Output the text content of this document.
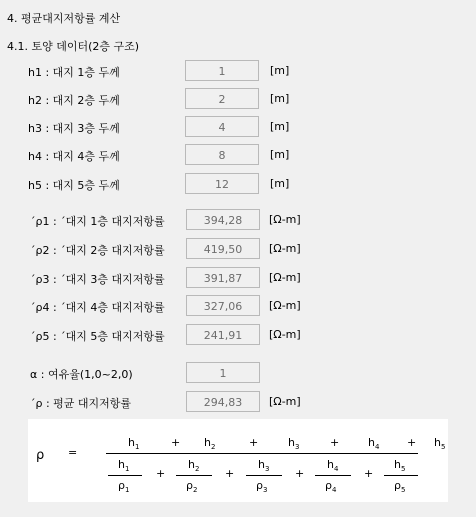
4. 평균대지저항률 계산
4.1. 토양 데이터(2층 구조)
h1 : 대지 1층 두께	1	[m]
h2 : 대지 2층 두께	2	[m]
h3 : 대지 3층 두께	4	[m]
h4 : 대지 4층 두께	8	[m]
h5 : 대지 5층 두께	12	[m]
´ρ1 : ´대지 1층 대지저항률	394,28	[Ω-m]
´ρ2 : ´대지 2층 대지저항률	419,50	[Ω-m]
´ρ3 : ´대지 3층 대지저항률	391,87	[Ω-m]
´ρ4 : ´대지 4층 대지저항률	327,06	[Ω-m]
´ρ5 : ´대지 5층 대지저항률	241,91	[Ω-m]
α : 여유율(1,0~2,0)	1
´ρ : 평균 대지저항률	294,83	[Ω-m]
ρ =
$h_1$	+ $h_2$	+	$h_3$	+	$h_4$	+ $h_5$
$h_1$
$\rho_1$
+
$h_2$
$\rho_2$
+
$h_3$
$\rho_3$
+
$h_4$
$\rho_4$
+
$h_5$
$\rho_5$
